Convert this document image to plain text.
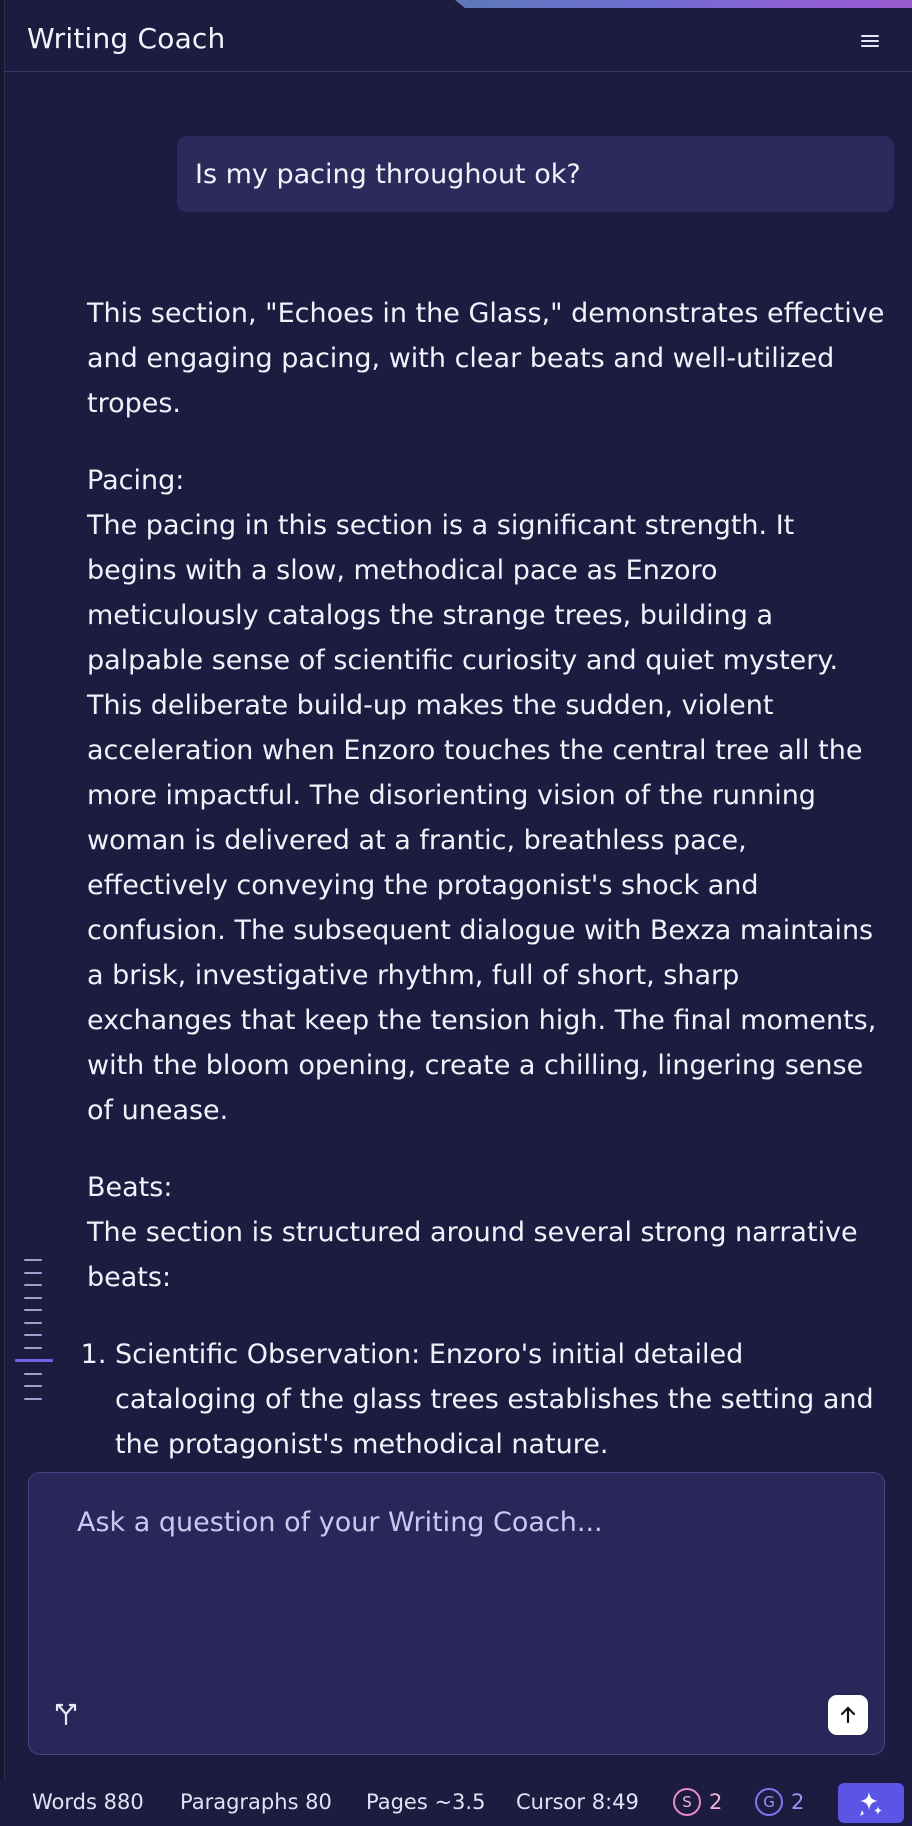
Writing Coach
Is my pacing throughout ok?

This section, "Echoes in the Glass," demonstrates effective and engaging pacing, with clear beats and well-utilized tropes.

Pacing:
The pacing in this section is a significant strength. It begins with a slow, methodical pace as Enzoro meticulously catalogs the strange trees, building a palpable sense of scientific curiosity and quiet mystery. This deliberate build-up makes the sudden, violent acceleration when Enzoro touches the central tree all the more impactful. The disorienting vision of the running woman is delivered at a frantic, breathless pace, effectively conveying the protagonist's shock and confusion. The subsequent dialogue with Bexza maintains a brisk, investigative rhythm, full of short, sharp exchanges that keep the tension high. The final moments, with the bloom opening, create a chilling, lingering sense of unease.

Beats:
The section is structured around several strong narrative beats:

1. Scientific Observation: Enzoro's initial detailed cataloging of the glass trees establishes the setting and the protagonist's methodical nature.
2.
Ask a question of your Writing Coach...
Words 880 Paragraphs 80 Pages ~3.5 Cursor 8:49	S 2	G 2
